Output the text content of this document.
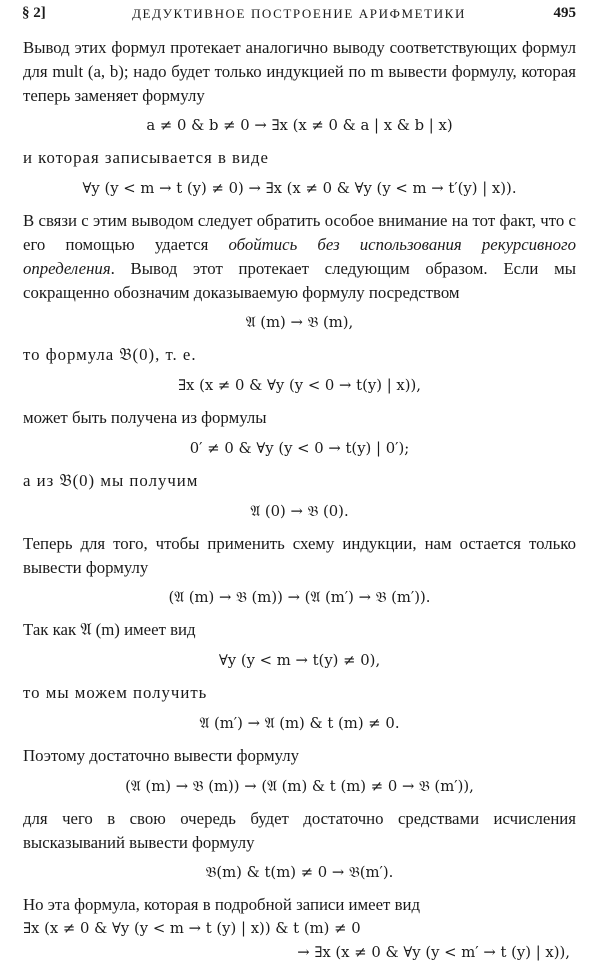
§ 2]	ДЕДУКТИВНОЕ ПОСТРОЕНИЕ АРИФМЕТИКИ	495

Вывод этих формул протекает аналогично выводу соответствующих формул для mult (a, b); надо будет только индукцией по m вывести формулу, которая теперь заменяет формулу

a ≠ 0 & b ≠ 0 → ∃x (x ≠ 0 & a | x & b | x)

и которая записывается в виде

∀y (y < m → t (y) ≠ 0) → ∃x (x ≠ 0 & ∀y (y < m → t′(y) | x)).

В связи с этим выводом следует обратить особое внимание на тот факт, что с его помощью удается обойтись без использования рекурсивного определения. Вывод этот протекает следующим образом. Если мы сокращенно обозначим доказываемую формулу посредством

𝔄 (m) → 𝔅 (m),

то формула 𝔅(0), т. е.

∃x (x ≠ 0 & ∀y (y < 0 → t(y) | x)),

может быть получена из формулы

0′ ≠ 0 & ∀y (y < 0 → t(y) | 0′);

а из 𝔅(0) мы получим

𝔄 (0) → 𝔅 (0).

Теперь для того, чтобы применить схему индукции, нам остается только вывести формулу

(𝔄 (m) → 𝔅 (m)) → (𝔄 (m′) → 𝔅 (m′)).

Так как 𝔄 (m) имеет вид

∀y (y < m → t(y) ≠ 0),

то мы можем получить

𝔄 (m′) → 𝔄 (m) & t (m) ≠ 0.

Поэтому достаточно вывести формулу

(𝔄 (m) → 𝔅 (m)) → (𝔄 (m) & t (m) ≠ 0 → 𝔅 (m′)),

для чего в свою очередь будет достаточно средствами исчисления высказываний вывести формулу

𝔅(m) & t(m) ≠ 0 → 𝔅(m′).

Но эта формула, которая в подробной записи имеет вид

∃x (x ≠ 0 & ∀y (y < m → t (y) | x)) & t (m) ≠ 0
→ ∃x (x ≠ 0 & ∀y (y < m′ → t (y) | x)),
